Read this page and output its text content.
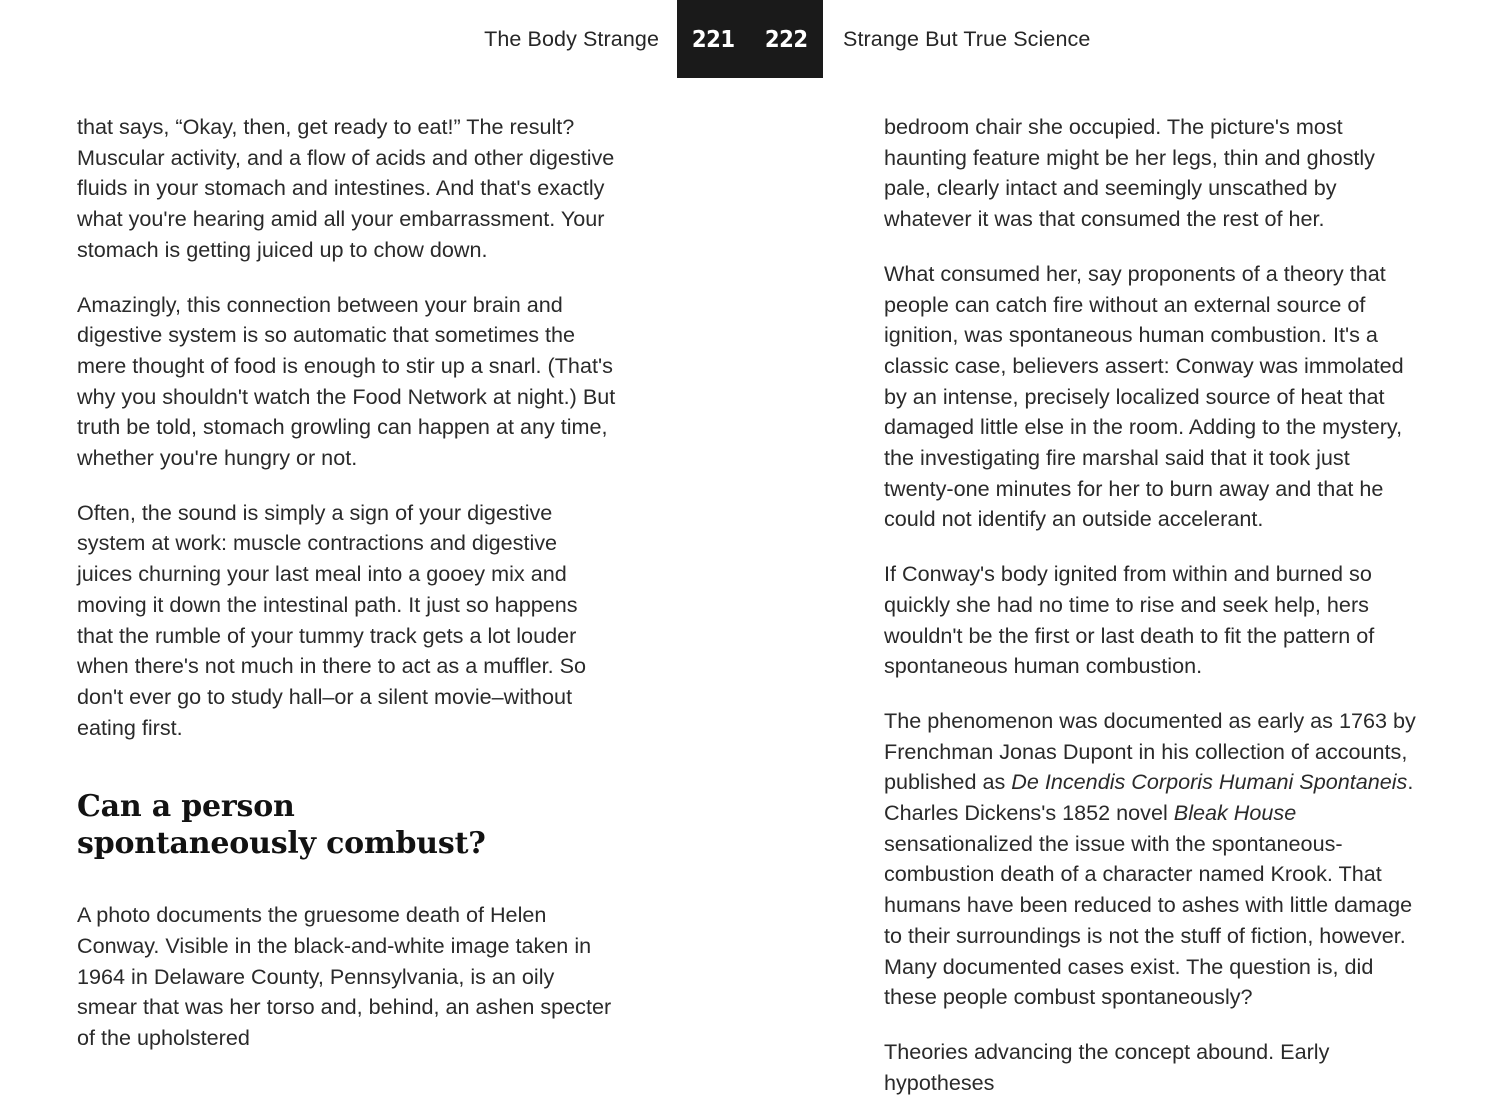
The Body Strange 221

that says, “Okay, then, get ready to eat!” The result? Muscular activity, and a flow of acids and other digestive fluids in your stomach and intestines. And that's exactly what you're hearing amid all your embarrassment. Your stomach is getting juiced up to chow down.

Amazingly, this connection between your brain and digestive system is so automatic that sometimes the mere thought of food is enough to stir up a snarl. (That's why you shouldn't watch the Food Network at night.) But truth be told, stomach growling can happen at any time, whether you're hungry or not.

Often, the sound is simply a sign of your digestive system at work: muscle contractions and digestive juices churning your last meal into a gooey mix and moving it down the intestinal path. It just so happens that the rumble of your tummy track gets a lot louder when there's not much in there to act as a muffler. So don't ever go to study hall–or a silent movie–without eating first.

Can a person
spontaneously combust?

A photo documents the gruesome death of Helen Conway. Visible in the black-and-white image taken in 1964 in Delaware County, Pennsylvania, is an oily smear that was her torso and, behind, an ashen specter of the upholstered

222 Strange But True Science

bedroom chair she occupied. The picture's most haunting feature might be her legs, thin and ghostly pale, clearly intact and seemingly unscathed by whatever it was that consumed the rest of her.

What consumed her, say proponents of a theory that people can catch fire without an external source of ignition, was spontaneous human combustion. It's a classic case, believers assert: Conway was immolated by an intense, precisely localized source of heat that damaged little else in the room. Adding to the mystery, the investigating fire marshal said that it took just twenty-one minutes for her to burn away and that he could not identify an outside accelerant.

If Conway's body ignited from within and burned so quickly she had no time to rise and seek help, hers wouldn't be the first or last death to fit the pattern of spontaneous human combustion.

The phenomenon was documented as early as 1763 by Frenchman Jonas Dupont in his collection of accounts, published as De Incendis Corporis Humani Spontaneis. Charles Dickens's 1852 novel Bleak House sensationalized the issue with the spontaneous-combustion death of a character named Krook. That humans have been reduced to ashes with little damage to their surroundings is not the stuff of fiction, however. Many documented cases exist. The question is, did these people combust spontaneously?

Theories advancing the concept abound. Early hypotheses
